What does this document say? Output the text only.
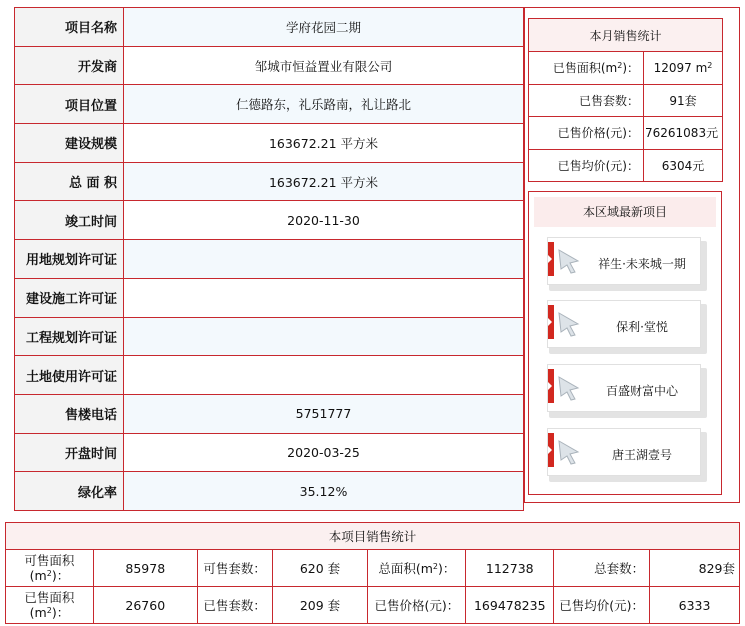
项目名称	学府花园二期
开发商	邹城市恒益置业有限公司
项目位置	仁德路东，礼乐路南，礼让路北
建设规模	163672.21 平方米
总 面 积	163672.21 平方米
竣工时间	2020-11-30
用地规划许可证	
建设施工许可证	
工程规划许可证	
土地使用许可证	
售楼电话	5751777
开盘时间	2020-03-25
绿化率	35.12%
本月销售统计	
已售面积$(m^2)$：	12097 $m^2$
已售套数：	91套
已售价格(元)：	76261083元
已售均价(元)：	6304元
本区域最新项目
祥生·未来城一期
保利·堂悦
百盛财富中心
唐王湖壹号
本项目销售统计							
可售面积
$(m^2)$：	85978	可售套数：	620 套	总面积$(m^2)$：	112738	总套数：	829套
已售面积
$(m^2)$：	26760	已售套数：	209 套	已售价格(元)：	169478235	已售均价(元)：	6333
